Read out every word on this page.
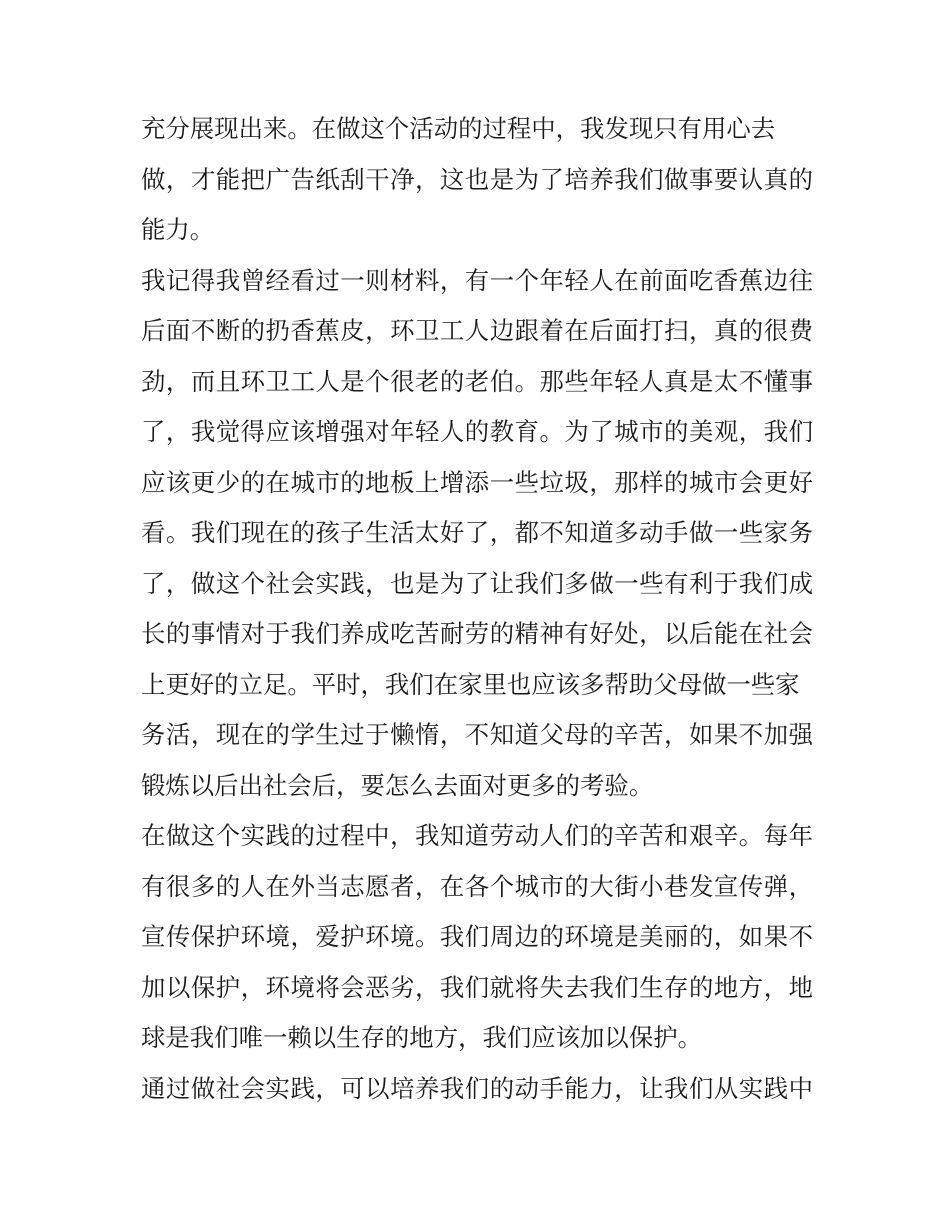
充分展现出来。在做这个活动的过程中，我发现只有用心去
做，才能把广告纸刮干净，这也是为了培养我们做事要认真的
能力。
我记得我曾经看过一则材料，有一个年轻人在前面吃香蕉边往
后面不断的扔香蕉皮，环卫工人边跟着在后面打扫，真的很费
劲，而且环卫工人是个很老的老伯。那些年轻人真是太不懂事
了，我觉得应该增强对年轻人的教育。为了城市的美观，我们
应该更少的在城市的地板上增添一些垃圾，那样的城市会更好
看。我们现在的孩子生活太好了，都不知道多动手做一些家务
了，做这个社会实践，也是为了让我们多做一些有利于我们成
长的事情对于我们养成吃苦耐劳的精神有好处，以后能在社会
上更好的立足。平时，我们在家里也应该多帮助父母做一些家
务活，现在的学生过于懒惰，不知道父母的辛苦，如果不加强
锻炼以后出社会后，要怎么去面对更多的考验。
在做这个实践的过程中，我知道劳动人们的辛苦和艰辛。每年
有很多的人在外当志愿者，在各个城市的大街小巷发宣传弹，
宣传保护环境，爱护环境。我们周边的环境是美丽的，如果不
加以保护，环境将会恶劣，我们就将失去我们生存的地方，地
球是我们唯一赖以生存的地方，我们应该加以保护。
通过做社会实践，可以培养我们的动手能力，让我们从实践中
